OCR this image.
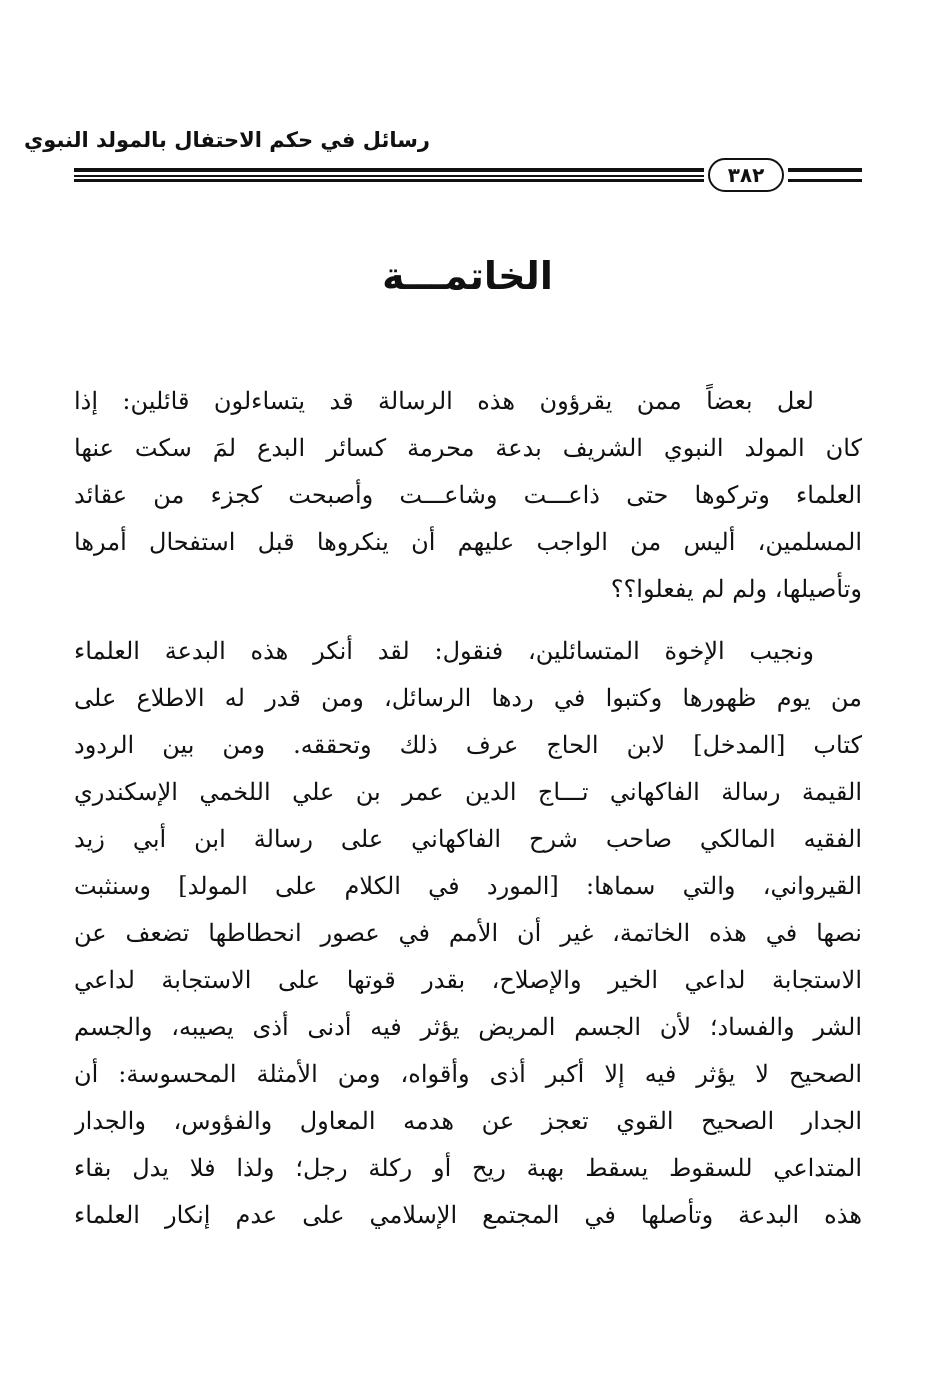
رسائل في حكم الاحتفال بالمولد النبوي
٣٨٢
الخاتمـــة
لعل بعضاً ممن يقرؤون هذه الرسالة قد يتساءلون قائلين: إذا
كان المولد النبوي الشريف بدعة محرمة كسائر البدع لمَ سكت عنها
العلماء وتركوها حتى ذاعـــت وشاعـــت وأصبحت كجزء من عقائد
المسلمين، أليس من الواجب عليهم أن ينكروها قبل استفحال أمرها
وتأصيلها، ولم لم يفعلوا؟؟
ونجيب الإخوة المتسائلين، فنقول: لقد أنكر هذه البدعة العلماء
من يوم ظهورها وكتبوا في ردها الرسائل، ومن قدر له الاطلاع على
كتاب [المدخل] لابن الحاج عرف ذلك وتحققه. ومن بين الردود
القيمة رسالة الفاكهاني تـــاج الدين عمر بن علي اللخمي الإسكندري
الفقيه المالكي صاحب شرح الفاكهاني على رسالة ابن أبي زيد
القيرواني، والتي سماها: [المورد في الكلام على المولد] وسنثبت
نصها في هذه الخاتمة، غير أن الأمم في عصور انحطاطها تضعف عن
الاستجابة لداعي الخير والإصلاح، بقدر قوتها على الاستجابة لداعي
الشر والفساد؛ لأن الجسم المريض يؤثر فيه أدنى أذى يصيبه، والجسم
الصحيح لا يؤثر فيه إلا أكبر أذى وأقواه، ومن الأمثلة المحسوسة: أن
الجدار الصحيح القوي تعجز عن هدمه المعاول والفؤوس، والجدار
المتداعي للسقوط يسقط بهبة ريح أو ركلة رجل؛ ولذا فلا يدل بقاء
هذه البدعة وتأصلها في المجتمع الإسلامي على عدم إنكار العلماء
